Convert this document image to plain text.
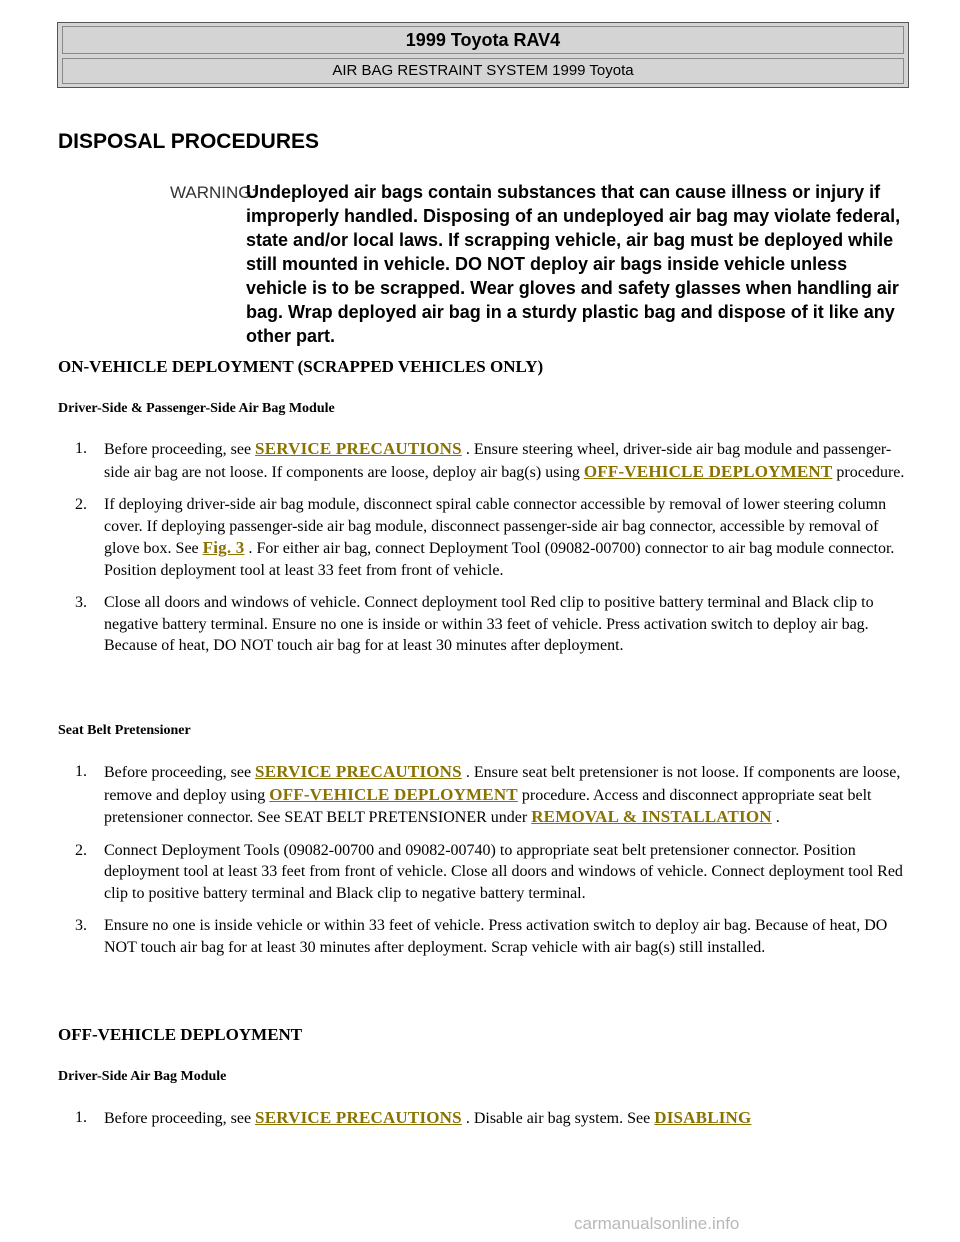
1999 Toyota RAV4
AIR BAG RESTRAINT SYSTEM 1999 Toyota
DISPOSAL PROCEDURES
WARNING:
Undeployed air bags contain substances that can cause illness or injury if improperly handled. Disposing of an undeployed air bag may violate federal, state and/or local laws. If scrapping vehicle, air bag must be deployed while still mounted in vehicle. DO NOT deploy air bags inside vehicle unless vehicle is to be scrapped. Wear gloves and safety glasses when handling air bag. Wrap deployed air bag in a sturdy plastic bag and dispose of it like any other part.
ON-VEHICLE DEPLOYMENT (SCRAPPED VEHICLES ONLY)
Driver-Side & Passenger-Side Air Bag Module
1. Before proceeding, see SERVICE PRECAUTIONS . Ensure steering wheel, driver-side air bag module and passenger-side air bag are not loose. If components are loose, deploy air bag(s) using OFF-VEHICLE DEPLOYMENT procedure.
2. If deploying driver-side air bag module, disconnect spiral cable connector accessible by removal of lower steering column cover. If deploying passenger-side air bag module, disconnect passenger-side air bag connector, accessible by removal of glove box. See Fig. 3 . For either air bag, connect Deployment Tool (09082-00700) connector to air bag module connector. Position deployment tool at least 33 feet from front of vehicle.
3. Close all doors and windows of vehicle. Connect deployment tool Red clip to positive battery terminal and Black clip to negative battery terminal. Ensure no one is inside or within 33 feet of vehicle. Press activation switch to deploy air bag. Because of heat, DO NOT touch air bag for at least 30 minutes after deployment.
Seat Belt Pretensioner
1. Before proceeding, see SERVICE PRECAUTIONS . Ensure seat belt pretensioner is not loose. If components are loose, remove and deploy using OFF-VEHICLE DEPLOYMENT procedure. Access and disconnect appropriate seat belt pretensioner connector. See SEAT BELT PRETENSIONER under REMOVAL & INSTALLATION .
2. Connect Deployment Tools (09082-00700 and 09082-00740) to appropriate seat belt pretensioner connector. Position deployment tool at least 33 feet from front of vehicle. Close all doors and windows of vehicle. Connect deployment tool Red clip to positive battery terminal and Black clip to negative battery terminal.
3. Ensure no one is inside vehicle or within 33 feet of vehicle. Press activation switch to deploy air bag. Because of heat, DO NOT touch air bag for at least 30 minutes after deployment. Scrap vehicle with air bag(s) still installed.
OFF-VEHICLE DEPLOYMENT
Driver-Side Air Bag Module
1. Before proceeding, see SERVICE PRECAUTIONS . Disable air bag system. See DISABLING
carmanualsonline.info
